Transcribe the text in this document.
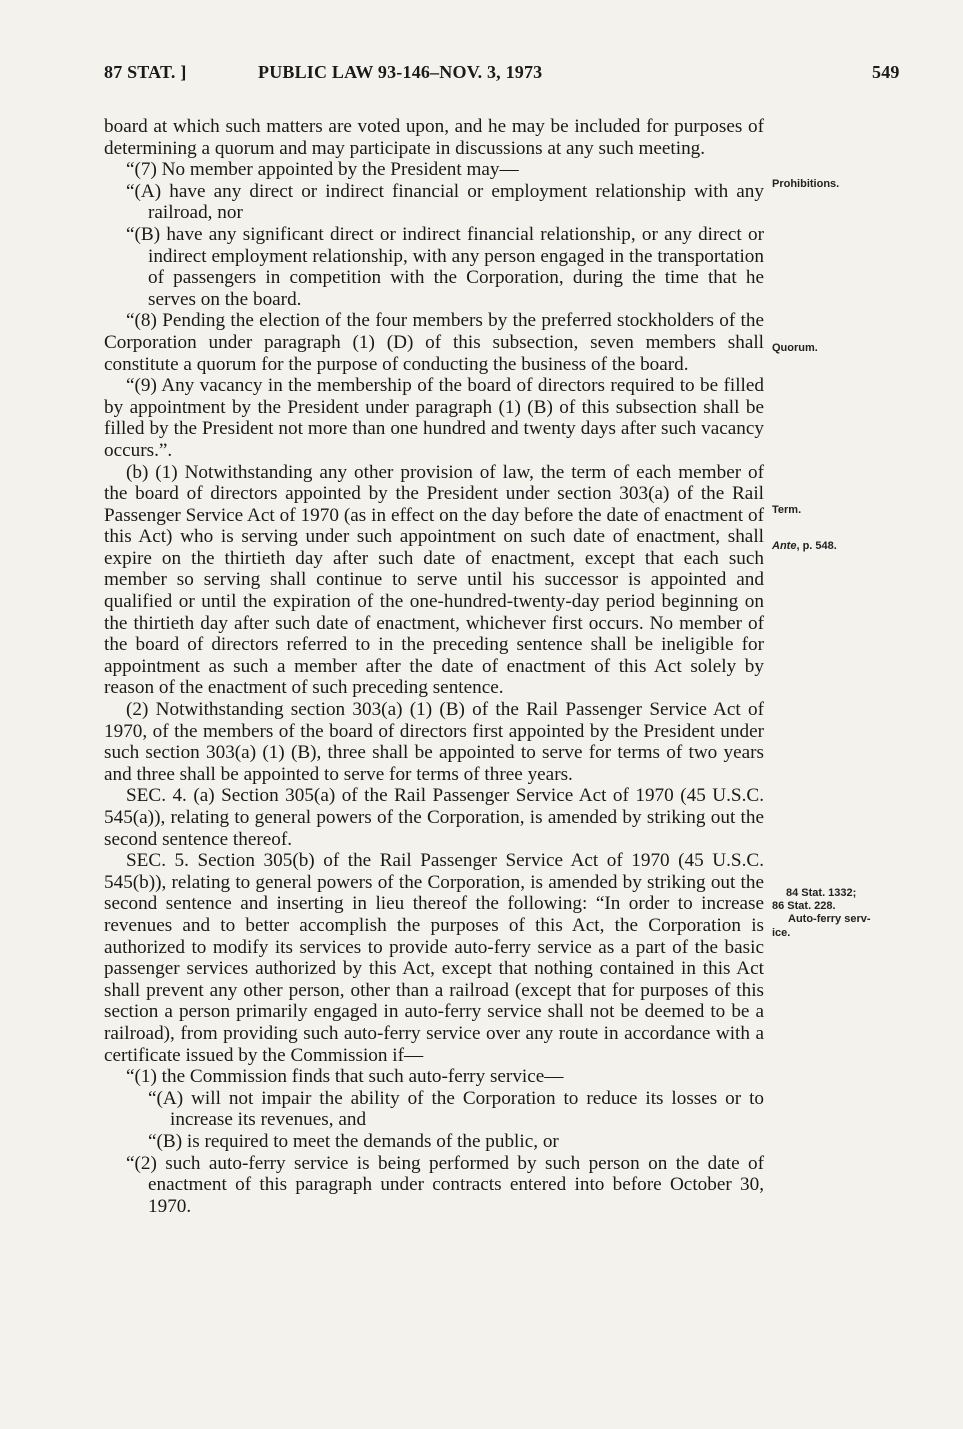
87 STAT. ]	PUBLIC LAW 93-146–NOV. 3, 1973	549

board at which such matters are voted upon, and he may be included for purposes of determining a quorum and may participate in discussions at any such meeting.

“(7) No member appointed by the President may—

“(A) have any direct or indirect financial or employment relationship with any railroad, nor

“(B) have any significant direct or indirect financial relationship, or any direct or indirect employment relationship, with any person engaged in the transportation of passengers in competition with the Corporation, during the time that he serves on the board.

“(8) Pending the election of the four members by the preferred stockholders of the Corporation under paragraph (1) (D) of this subsection, seven members shall constitute a quorum for the purpose of conducting the business of the board.

“(9) Any vacancy in the membership of the board of directors required to be filled by appointment by the President under paragraph (1) (B) of this subsection shall be filled by the President not more than one hundred and twenty days after such vacancy occurs.”.

(b) (1) Notwithstanding any other provision of law, the term of each member of the board of directors appointed by the President under section 303(a) of the Rail Passenger Service Act of 1970 (as in effect on the day before the date of enactment of this Act) who is serving under such appointment on such date of enactment, shall expire on the thirtieth day after such date of enactment, except that each such member so serving shall continue to serve until his successor is appointed and qualified or until the expiration of the one-hundred-twenty-day period beginning on the thirtieth day after such date of enactment, whichever first occurs. No member of the board of directors referred to in the preceding sentence shall be ineligible for appointment as such a member after the date of enactment of this Act solely by reason of the enactment of such preceding sentence.

(2) Notwithstanding section 303(a) (1) (B) of the Rail Passenger Service Act of 1970, of the members of the board of directors first appointed by the President under such section 303(a) (1) (B), three shall be appointed to serve for terms of two years and three shall be appointed to serve for terms of three years.

SEC. 4. (a) Section 305(a) of the Rail Passenger Service Act of 1970 (45 U.S.C. 545(a)), relating to general powers of the Corporation, is amended by striking out the second sentence thereof.

SEC. 5. Section 305(b) of the Rail Passenger Service Act of 1970 (45 U.S.C. 545(b)), relating to general powers of the Corporation, is amended by striking out the second sentence and inserting in lieu thereof the following: “In order to increase revenues and to better accomplish the purposes of this Act, the Corporation is authorized to modify its services to provide auto-ferry service as a part of the basic passenger services authorized by this Act, except that nothing contained in this Act shall prevent any other person, other than a railroad (except that for purposes of this section a person primarily engaged in auto-ferry service shall not be deemed to be a railroad), from providing such auto-ferry service over any route in accordance with a certificate issued by the Commission if—

“(1) the Commission finds that such auto-ferry service—

“(A) will not impair the ability of the Corporation to reduce its losses or to increase its revenues, and

“(B) is required to meet the demands of the public, or

“(2) such auto-ferry service is being performed by such person on the date of enactment of this paragraph under contracts entered into before October 30, 1970.

Prohibitions.
Quorum.
Term.
Ante, p. 548.
84 Stat. 1332;
86 Stat. 228.
Auto-ferry serv-
ice.
